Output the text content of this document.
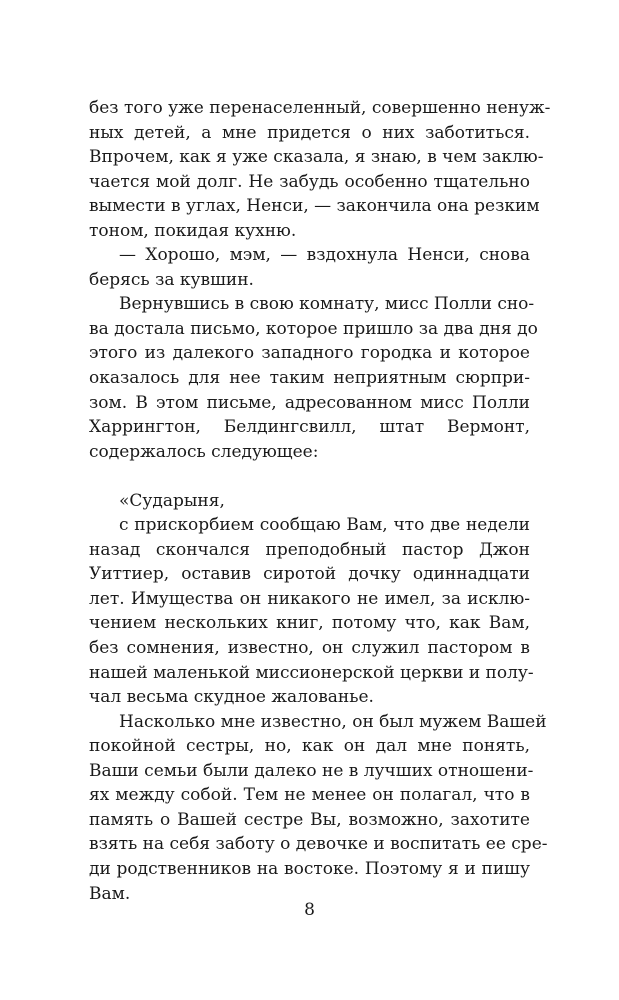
без того уже перенаселенный, совершенно ненуж-
ных детей, а мне придется о них заботиться.
Впрочем, как я уже сказала, я знаю, в чем заклю-
чается мой долг. Не забудь особенно тщательно
вымести в углах, Ненси, — закончила она резким
тоном, покидая кухню.
— Хорошо, мэм, — вздохнула Ненси, снова
берясь за кувшин.
Вернувшись в свою комнату, мисс Полли сно-
ва достала письмо, которое пришло за два дня до
этого из далекого западного городка и которое
оказалось для нее таким неприятным сюрпри-
зом. В этом письме, адресованном мисс Полли
Харрингтон, Белдингсвилл, штат Вермонт,
содержалось следующее:
«Сударыня,
с прискорбием сообщаю Вам, что две недели
назад скончался преподобный пастор Джон
Уиттиер, оставив сиротой дочку одиннадцати
лет. Имущества он никакого не имел, за исклю-
чением нескольких книг, потому что, как Вам,
без сомнения, известно, он служил пастором в
нашей маленькой миссионерской церкви и полу-
чал весьма скудное жалованье.
Насколько мне известно, он был мужем Вашей
покойной сестры, но, как он дал мне понять,
Ваши семьи были далеко не в лучших отношени-
ях между собой. Тем не менее он полагал, что в
память о Вашей сестре Вы, возможно, захотите
взять на себя заботу о девочке и воспитать ее сре-
ди родственников на востоке. Поэтому я и пишу
Вам.
8
